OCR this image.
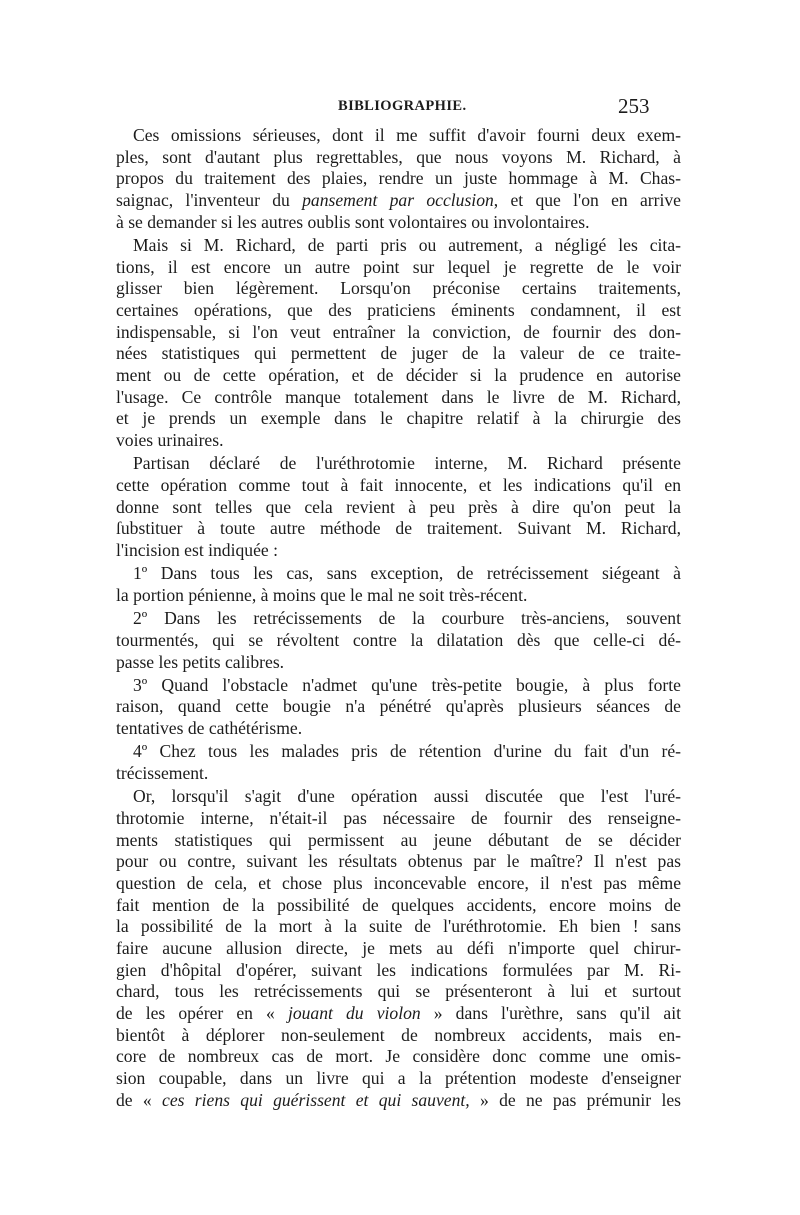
BIBLIOGRAPHIE.	253
Ces omissions sérieuses, dont il me suffit d'avoir fourni deux exem-
ples, sont d'autant plus regrettables, que nous voyons M. Richard, à
propos du traitement des plaies, rendre un juste hommage à M. Chas-
saignac, l'inventeur du pansement par occlusion, et que l'on en arrive
à se demander si les autres oublis sont volontaires ou involontaires.
Mais si M. Richard, de parti pris ou autrement, a négligé les cita-
tions, il est encore un autre point sur lequel je regrette de le voir
glisser bien légèrement. Lorsqu'on préconise certains traitements,
certaines opérations, que des praticiens éminents condamnent, il est
indispensable, si l'on veut entraîner la conviction, de fournir des don-
nées statistiques qui permettent de juger de la valeur de ce traite-
ment ou de cette opération, et de décider si la prudence en autorise
l'usage. Ce contrôle manque totalement dans le livre de M. Richard,
et je prends un exemple dans le chapitre relatif à la chirurgie des
voies urinaires.
Partisan déclaré de l'uréthrotomie interne, M. Richard présente
cette opération comme tout à fait innocente, et les indications qu'il en
donne sont telles que cela revient à peu près à dire qu'on peut la
ſubstituer à toute autre méthode de traitement. Suivant M. Richard,
l'incision est indiquée :
1º Dans tous les cas, sans exception, de retrécissement siégeant à
la portion pénienne, à moins que le mal ne soit très-récent.
2º Dans les retrécissements de la courbure très-anciens, souvent
tourmentés, qui se révoltent contre la dilatation dès que celle-ci dé-
passe les petits calibres.
3º Quand l'obstacle n'admet qu'une très-petite bougie, à plus forte
raison, quand cette bougie n'a pénétré qu'après plusieurs séances de
tentatives de cathétérisme.
4º Chez tous les malades pris de rétention d'urine du fait d'un ré-
trécissement.
Or, lorsqu'il s'agit d'une opération aussi discutée que l'est l'uré-
throtomie interne, n'était-il pas nécessaire de fournir des renseigne-
ments statistiques qui permissent au jeune débutant de se décider
pour ou contre, suivant les résultats obtenus par le maître? Il n'est pas
question de cela, et chose plus inconcevable encore, il n'est pas même
fait mention de la possibilité de quelques accidents, encore moins de
la possibilité de la mort à la suite de l'uréthrotomie. Eh bien ! sans
faire aucune allusion directe, je mets au défi n'importe quel chirur-
gien d'hôpital d'opérer, suivant les indications formulées par M. Ri-
chard, tous les retrécissements qui se présenteront à lui et surtout
de les opérer en « jouant du violon » dans l'urèthre, sans qu'il ait
bientôt à déplorer non-seulement de nombreux accidents, mais en-
core de nombreux cas de mort. Je considère donc comme une omis-
sion coupable, dans un livre qui a la prétention modeste d'enseigner
de « ces riens qui guérissent et qui sauvent, » de ne pas prémunir les
